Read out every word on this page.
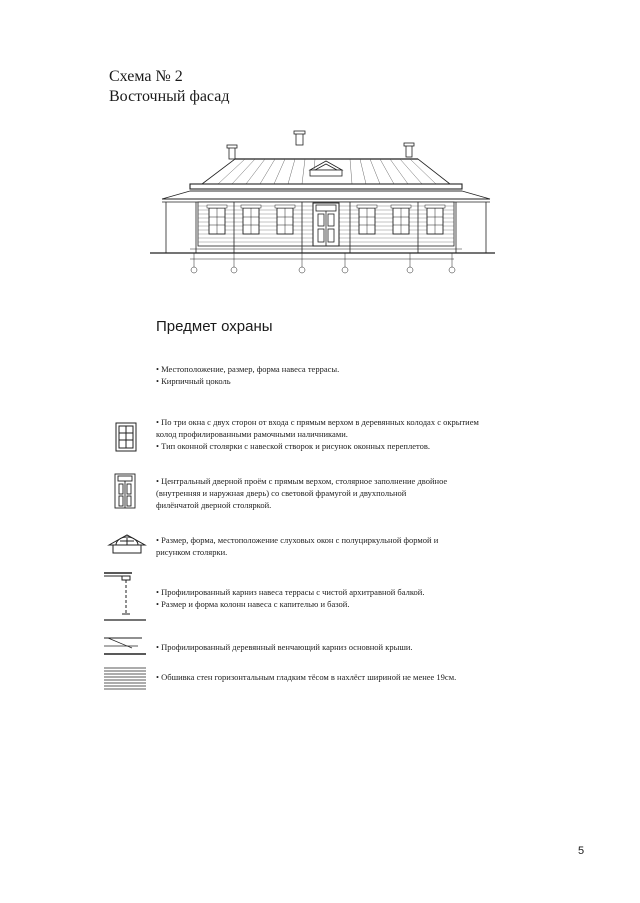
Схема № 2
Восточный фасад
Предмет охраны
• Местоположение, размер, форма навеса террасы.
• Кирпичный цоколь
• По три окна с двух сторон от входа с прямым верхом в деревянных колодах с окрытием
колод профилированными рамочными наличниками.
• Тип оконной столярки с навеской створок и рисунок оконных переплетов.
• Центральный дверной проём с прямым верхом, столярное заполнение двойное
(внутренняя и наружная дверь) со световой фрамугой и двухпольной
филёнчатой дверной столяркой.
• Размер, форма, местоположение слуховых окон с полуциркульной формой и
рисунком столярки.
• Профилированный карниз навеса террасы с чистой архитравной балкой.
• Размер и форма колонн навеса с капителью и базой.
• Профилированный деревянный венчающий карниз основной крыши.
• Обшивка стен горизонтальным гладким тёсом в нахлёст шириной не менее 19см.
5
